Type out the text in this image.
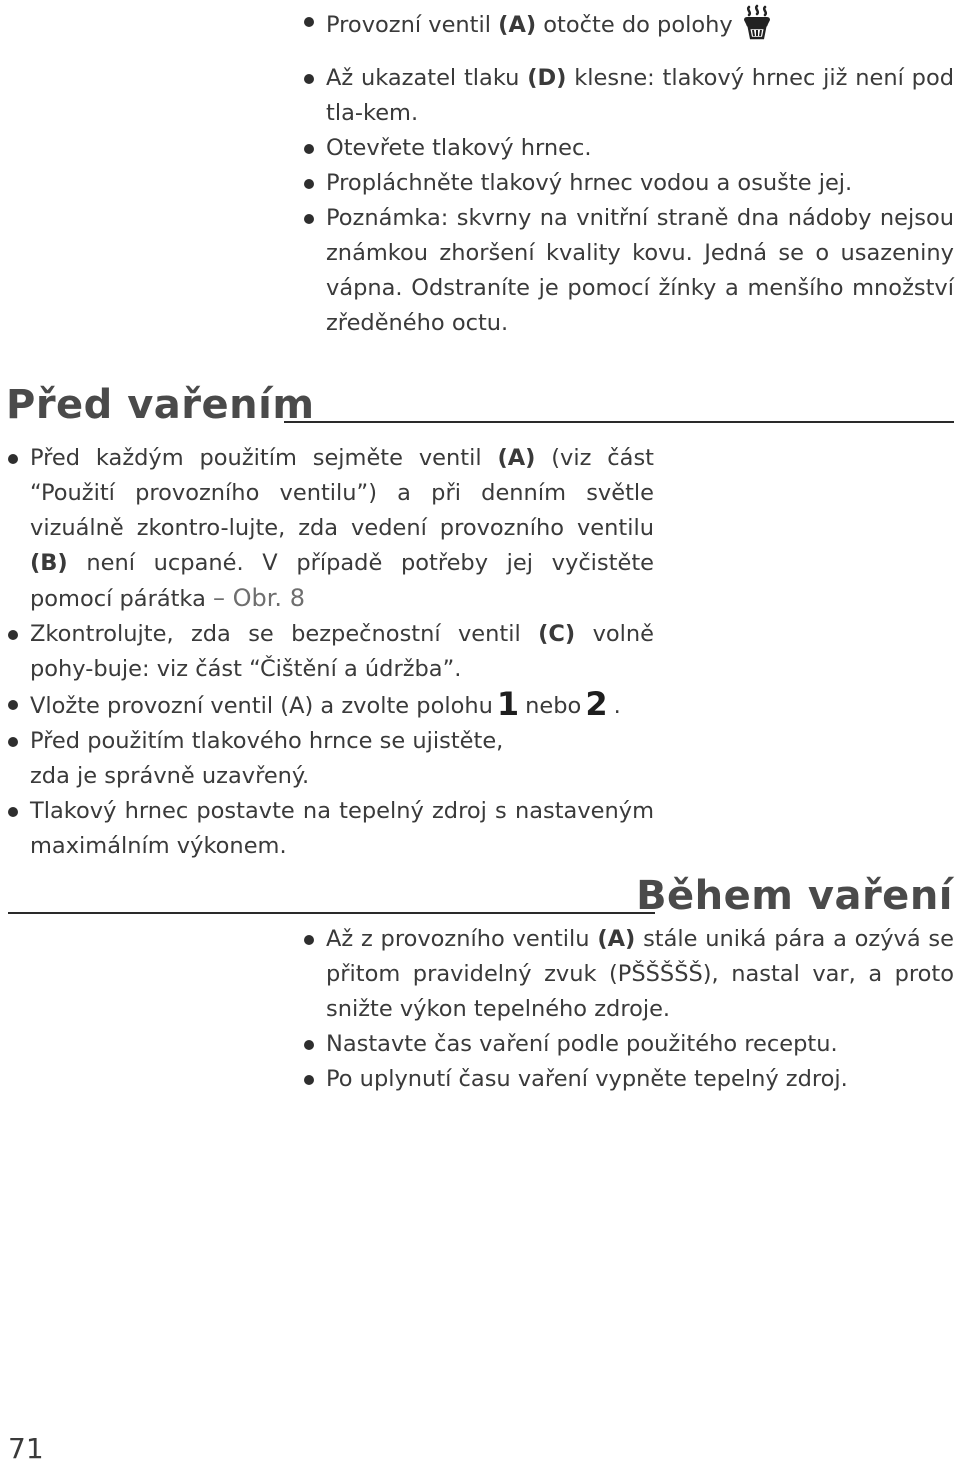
Provozní ventil (A) otočte do polohy
Až ukazatel tlaku (D) klesne: tlakový hrnec již není pod tla-kem.
Otevřete tlakový hrnec.
Propláchněte tlakový hrnec vodou a osušte jej.
Poznámka: skvrny na vnitřní straně dna nádoby nejsou známkou zhoršení kvality kovu. Jedná se o usazeniny vápna. Odstraníte je pomocí žínky a menšího množství zředěného octu.
Před vařením
Před každým použitím sejměte ventil (A) (viz část “Použití provozního ventilu”) a při denním světle vizuálně zkontro-lujte, zda vedení provozního ventilu (B) není ucpané. V případě potřeby jej vyčistěte pomocí párátka – Obr. 8
Zkontrolujte, zda se bezpečnostní ventil (C) volně pohy-buje: viz část “Čištění a údržba”.
Vložte provozní ventil (A) a zvolte polohu 1 nebo 2 .
Před použitím tlakového hrnce se ujistěte,
zda je správně uzavřený.
Tlakový hrnec postavte na tepelný zdroj s nastaveným maximálním výkonem.
Během vaření
Až z provozního ventilu (A) stále uniká pára a ozývá se přitom pravidelný zvuk (PŠŠŠŠŠ), nastal var, a proto snižte výkon tepelného zdroje.
Nastavte čas vaření podle použitého receptu.
Po uplynutí času vaření vypněte tepelný zdroj.
71
